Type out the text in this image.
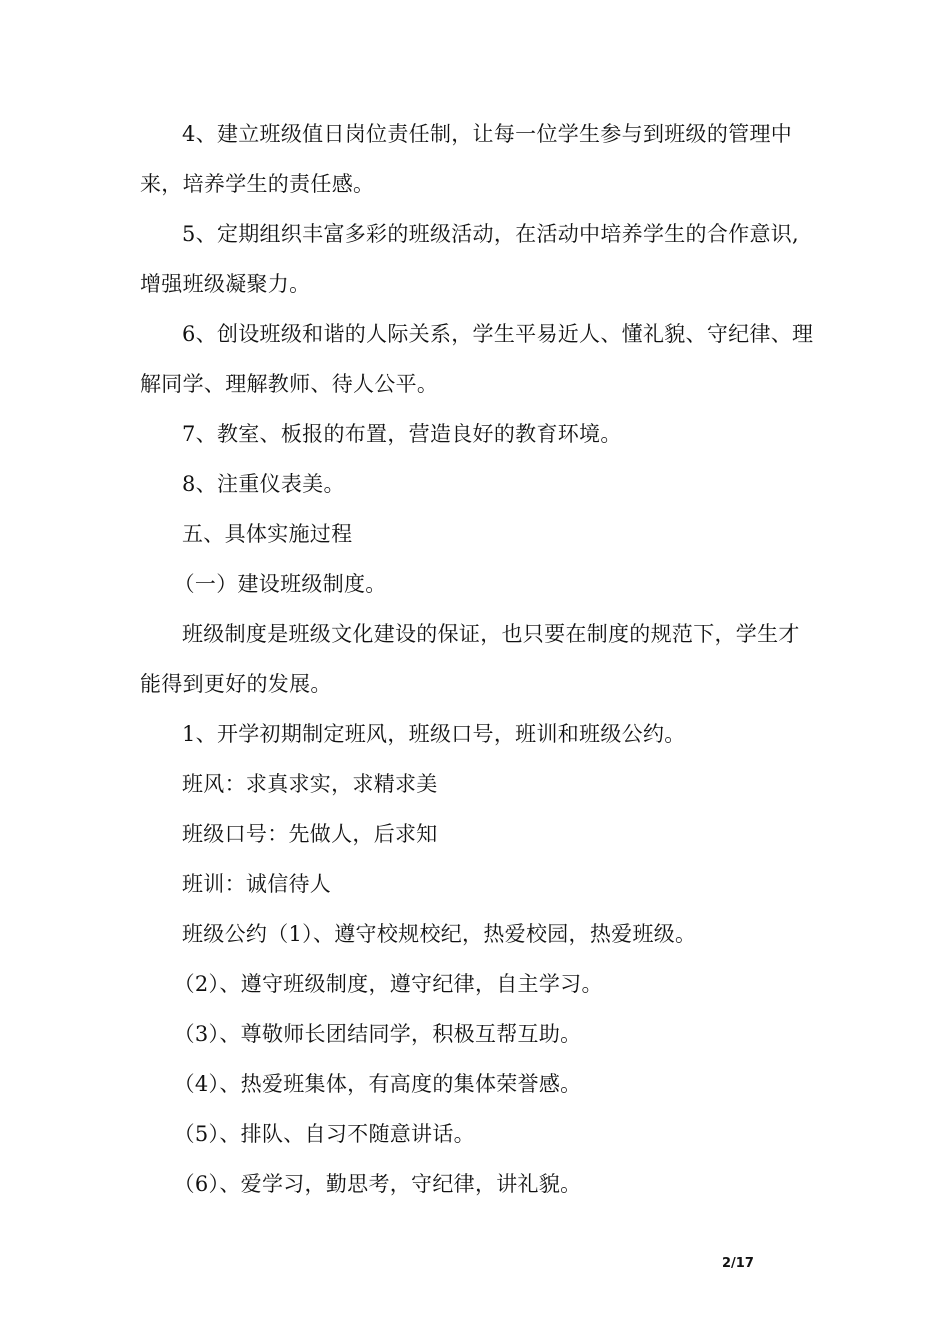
4、建立班级值日岗位责任制，让每一位学生参与到班级的管理中来，培养学生的责任感。

5、定期组织丰富多彩的班级活动，在活动中培养学生的合作意识,增强班级凝聚力。

6、创设班级和谐的人际关系，学生平易近人、懂礼貌、守纪律、理解同学、理解教师、待人公平。

7、教室、板报的布置，营造良好的教育环境。

8、注重仪表美。

五、具体实施过程

（一）建设班级制度。

班级制度是班级文化建设的保证，也只要在制度的规范下，学生才能得到更好的发展。

1、开学初期制定班风，班级口号，班训和班级公约。

班风：求真求实，求精求美

班级口号：先做人，后求知

班训：诚信待人

班级公约（1）、遵守校规校纪，热爱校园，热爱班级。

（2）、遵守班级制度，遵守纪律，自主学习。

（3）、尊敬师长团结同学，积极互帮互助。

（4）、热爱班集体，有高度的集体荣誉感。

（5）、排队、自习不随意讲话。

（6）、爱学习，勤思考，守纪律，讲礼貌。

2/17
